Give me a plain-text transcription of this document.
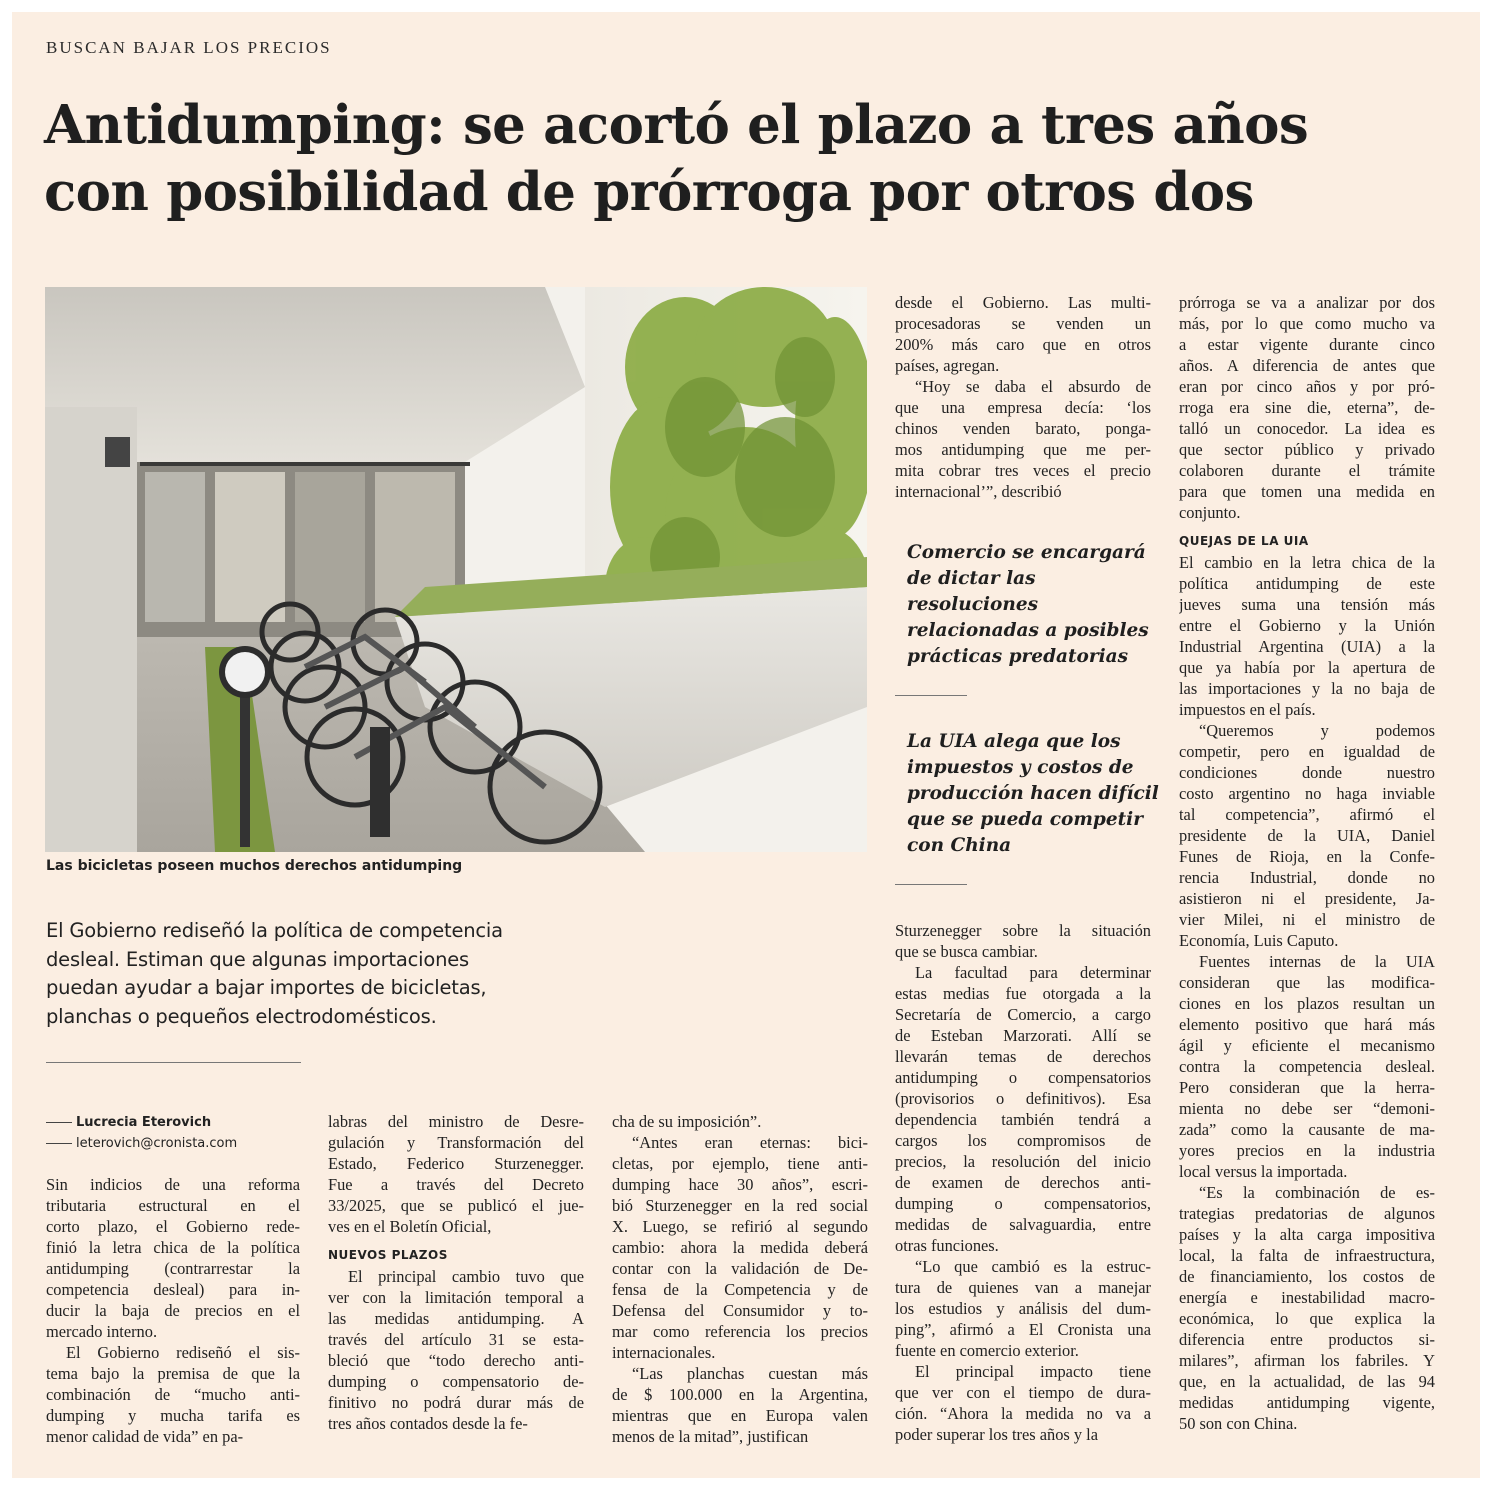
BUSCAN BAJAR LOS PRECIOS
Antidumping: se acortó el plazo a tres años
con posibilidad de prórroga por otros dos
Las bicicletas poseen muchos derechos antidumping
El Gobierno rediseñó la política de competencia desleal. Estiman que algunas importaciones puedan ayudar a bajar importes de bicicletas, planchas o pequeños electrodomésticos.
Lucrecia Eterovich
leterovich@cronista.com
Sin indicios de una reforma
tributaria estructural en el
corto plazo, el Gobierno rede-
finió la letra chica de la política
antidumping (contrarrestar la
competencia desleal) para in-
ducir la baja de precios en el
mercado interno.
El Gobierno rediseñó el sis-
tema bajo la premisa de que la
combinación de “mucho anti-
dumping y mucha tarifa es
menor calidad de vida” en pa-
labras del ministro de Desre-
gulación y Transformación del
Estado, Federico Sturzenegger.
Fue a través del Decreto
33/2025, que se publicó el jue-
ves en el Boletín Oficial,
NUEVOS PLAZOS
El principal cambio tuvo que
ver con la limitación temporal a
las medidas antidumping. A
través del artículo 31 se esta-
bleció que “todo derecho anti-
dumping o compensatorio de-
finitivo no podrá durar más de
tres años contados desde la fe-
cha de su imposición”.
“Antes eran eternas: bici-
cletas, por ejemplo, tiene anti-
dumping hace 30 años”, escri-
bió Sturzenegger en la red social
X. Luego, se refirió al segundo
cambio: ahora la medida deberá
contar con la validación de De-
fensa de la Competencia y de
Defensa del Consumidor y to-
mar como referencia los precios
internacionales.
“Las planchas cuestan más
de $ 100.000 en la Argentina,
mientras que en Europa valen
menos de la mitad”, justifican
desde el Gobierno. Las multi-
procesadoras se venden un
200% más caro que en otros
países, agregan.
“Hoy se daba el absurdo de
que una empresa decía: ‘los
chinos venden barato, ponga-
mos antidumping que me per-
mita cobrar tres veces el precio
internacional’”, describió
Comercio se encargará
de dictar las
resoluciones
relacionadas a posibles
prácticas predatorias
La UIA alega que los
impuestos y costos de
producción hacen difícil
que se pueda competir
con China
Sturzenegger sobre la situación
que se busca cambiar.
La facultad para determinar
estas medias fue otorgada a la
Secretaría de Comercio, a cargo
de Esteban Marzorati. Allí se
llevarán temas de derechos
antidumping o compensatorios
(provisorios o definitivos). Esa
dependencia también tendrá a
cargos los compromisos de
precios, la resolución del inicio
de examen de derechos anti-
dumping o compensatorios,
medidas de salvaguardia, entre
otras funciones.
“Lo que cambió es la estruc-
tura de quienes van a manejar
los estudios y análisis del dum-
ping”, afirmó a El Cronista una
fuente en comercio exterior.
El principal impacto tiene
que ver con el tiempo de dura-
ción. “Ahora la medida no va a
poder superar los tres años y la
prórroga se va a analizar por dos
más, por lo que como mucho va
a estar vigente durante cinco
años. A diferencia de antes que
eran por cinco años y por pró-
rroga era sine die, eterna”, de-
talló un conocedor. La idea es
que sector público y privado
colaboren durante el trámite
para que tomen una medida en
conjunto.
QUEJAS DE LA UIA
El cambio en la letra chica de la
política antidumping de este
jueves suma una tensión más
entre el Gobierno y la Unión
Industrial Argentina (UIA) a la
que ya había por la apertura de
las importaciones y la no baja de
impuestos en el país.
“Queremos y podemos
competir, pero en igualdad de
condiciones donde nuestro
costo argentino no haga inviable
tal competencia”, afirmó el
presidente de la UIA, Daniel
Funes de Rioja, en la Confe-
rencia Industrial, donde no
asistieron ni el presidente, Ja-
vier Milei, ni el ministro de
Economía, Luis Caputo.
Fuentes internas de la UIA
consideran que las modifica-
ciones en los plazos resultan un
elemento positivo que hará más
ágil y eficiente el mecanismo
contra la competencia desleal.
Pero consideran que la herra-
mienta no debe ser “demoni-
zada” como la causante de ma-
yores precios en la industria
local versus la importada.
“Es la combinación de es-
trategias predatorias de algunos
países y la alta carga impositiva
local, la falta de infraestructura,
de financiamiento, los costos de
energía e inestabilidad macro-
económica, lo que explica la
diferencia entre productos si-
milares”, afirman los fabriles. Y
que, en la actualidad, de las 94
medidas antidumping vigente,
50 son con China.
